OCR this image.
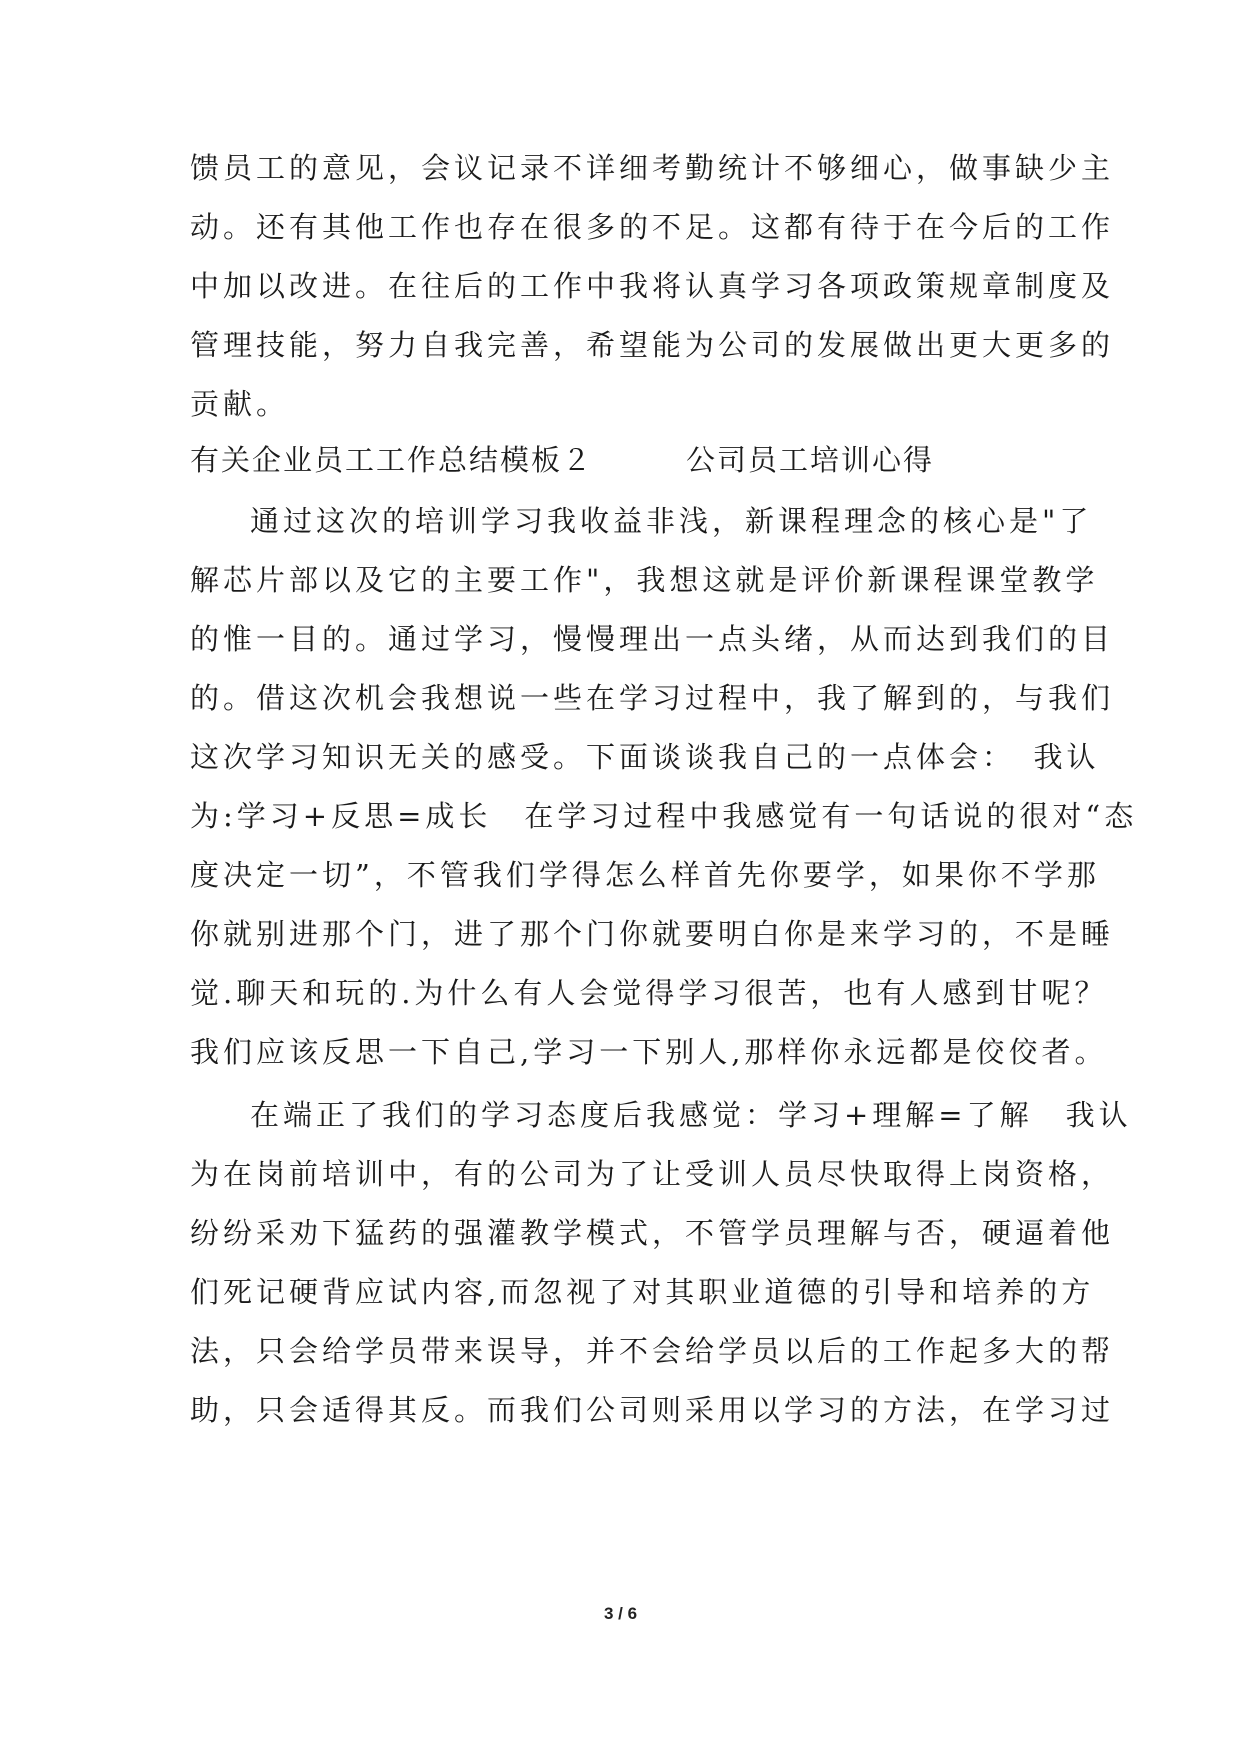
馈员工的意见，会议记录不详细考勤统计不够细心，做事缺少主
动。还有其他工作也存在很多的不足。这都有待于在今后的工作
中加以改进。在往后的工作中我将认真学习各项政策规章制度及
管理技能，努力自我完善，希望能为公司的发展做出更大更多的
贡献。
有关企业员工工作总结模板２　　　公司员工培训心得
通过这次的培训学习我收益非浅，新课程理念的核心是"了
解芯片部以及它的主要工作"，我想这就是评价新课程课堂教学
的惟一目的。通过学习，慢慢理出一点头绪，从而达到我们的目
的。借这次机会我想说一些在学习过程中，我了解到的，与我们
这次学习知识无关的感受。下面谈谈我自己的一点体会：　我认
为:学习+反思=成长　在学习过程中我感觉有一句话说的很对“态
度决定一切”，不管我们学得怎么样首先你要学，如果你不学那
你就别进那个门，进了那个门你就要明白你是来学习的，不是睡
觉.聊天和玩的.为什么有人会觉得学习很苦，也有人感到甘呢？
我们应该反思一下自己,学习一下别人,那样你永远都是佼佼者。
在端正了我们的学习态度后我感觉：学习+理解=了解　我认
为在岗前培训中，有的公司为了让受训人员尽快取得上岗资格，
纷纷采劝下猛药的强灌教学模式，不管学员理解与否，硬逼着他
们死记硬背应试内容,而忽视了对其职业道德的引导和培养的方
法，只会给学员带来误导，并不会给学员以后的工作起多大的帮
助，只会适得其反。而我们公司则采用以学习的方法，在学习过
3 / 6
